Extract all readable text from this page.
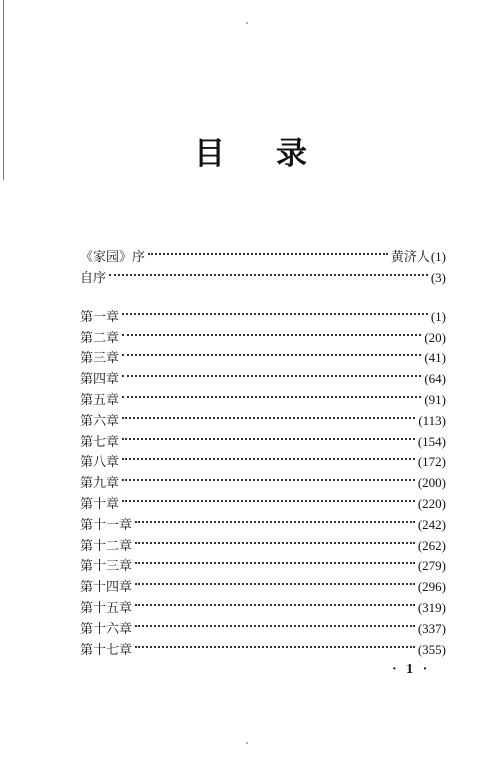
目 录
《家园》序	黄济人 (1)
自序	(3)
第一章	(1)
第二章	(20)
第三章	(41)
第四章	(64)
第五章	(91)
第六章	(113)
第七章	(154)
第八章	(172)
第九章	(200)
第十章	(220)
第十一章	(242)
第十二章	(262)
第十三章	(279)
第十四章	(296)
第十五章	(319)
第十六章	(337)
第十七章	(355)
· 1 ·
